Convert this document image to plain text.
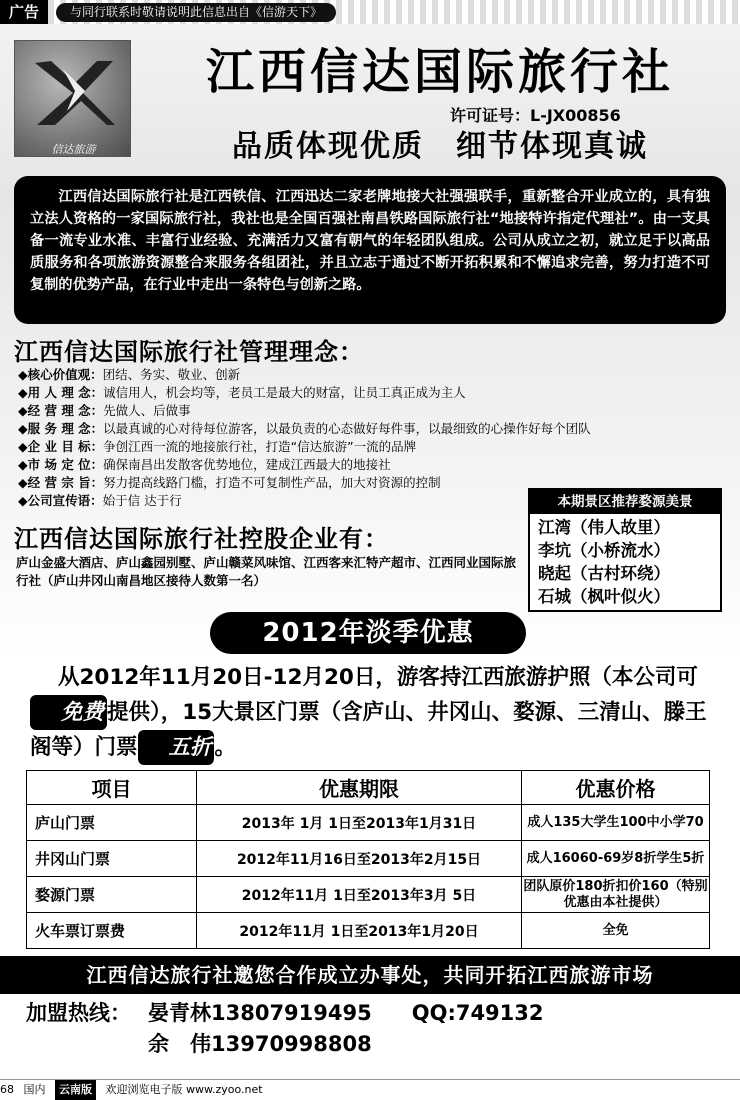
广告	与同行联系时敬请说明此信息出自《信游天下》
信达旅游
江西信达国际旅行社
许可证号：L-JX00856
品质体现优质　细节体现真诚
江西信达国际旅行社是江西铁信、江西迅达二家老牌地接大社强强联手，重新整合开业成立的，具有独立法人资格的一家国际旅行社，我社也是全国百强社南昌铁路国际旅行社“地接特许指定代理社”。由一支具备一流专业水准、丰富行业经验、充满活力又富有朝气的年轻团队组成。公司从成立之初，就立足于以高品质服务和各项旅游资源整合来服务各组团社，并且立志于通过不断开拓积累和不懈追求完善，努力打造不可复制的优势产品，在行业中走出一条特色与创新之路。
江西信达国际旅行社管理理念：
◆核心价值观：团结、务实、敬业、创新
◆用 人 理 念：诚信用人，机会均等，老员工是最大的财富，让员工真正成为主人
◆经 营 理 念：先做人、后做事
◆服 务 理 念：以最真诚的心对待每位游客，以最负责的心态做好每件事，以最细致的心操作好每个团队
◆企 业 目 标：争创江西一流的地接旅行社，打造“信达旅游”一流的品牌
◆市 场 定 位：确保南昌出发散客优势地位，建成江西最大的地接社
◆经 营 宗 旨：努力提高线路门槛，打造不可复制性产品，加大对资源的控制
◆公司宣传语：始于信 达于行	本期景区推荐婺源美景
江湾（伟人故里）
李坑（小桥流水）
晓起（古村环绕）
石城（枫叶似火）
江西信达国际旅行社控股企业有：
庐山金盛大酒店、庐山鑫园别墅、庐山赣菜风味馆、江西客来汇特产超市、江西同业国际旅行社（庐山井冈山南昌地区接待人数第一名）
2012年淡季优惠
从2012年11月20日-12月20日，游客持江西旅游护照（本公司可免费 提供），15大景区门票（含庐山、井冈山、婺源、三清山、滕王阁等）门票 五折 。
项目	优惠期限	优惠价格
庐山门票	2013年 1月 1日至2013年1月31日	成人135大学生100中小学70
井冈山门票	2012年11月16日至2013年2月15日	成人16060-69岁8折学生5折
婺源门票	2012年11月 1日至2013年3月 5日	团队原价180折扣价160（特别优惠由本社提供）
火车票订票费	2012年11月 1日至2013年1月20日	全免
江西信达旅行社邀您合作成立办事处，共同开拓江西旅游市场
加盟热线： 晏青林13807919495 QQ:749132
余　伟13970998808
68 国内 云南版 欢迎浏览电子版 www.zyoo.net
